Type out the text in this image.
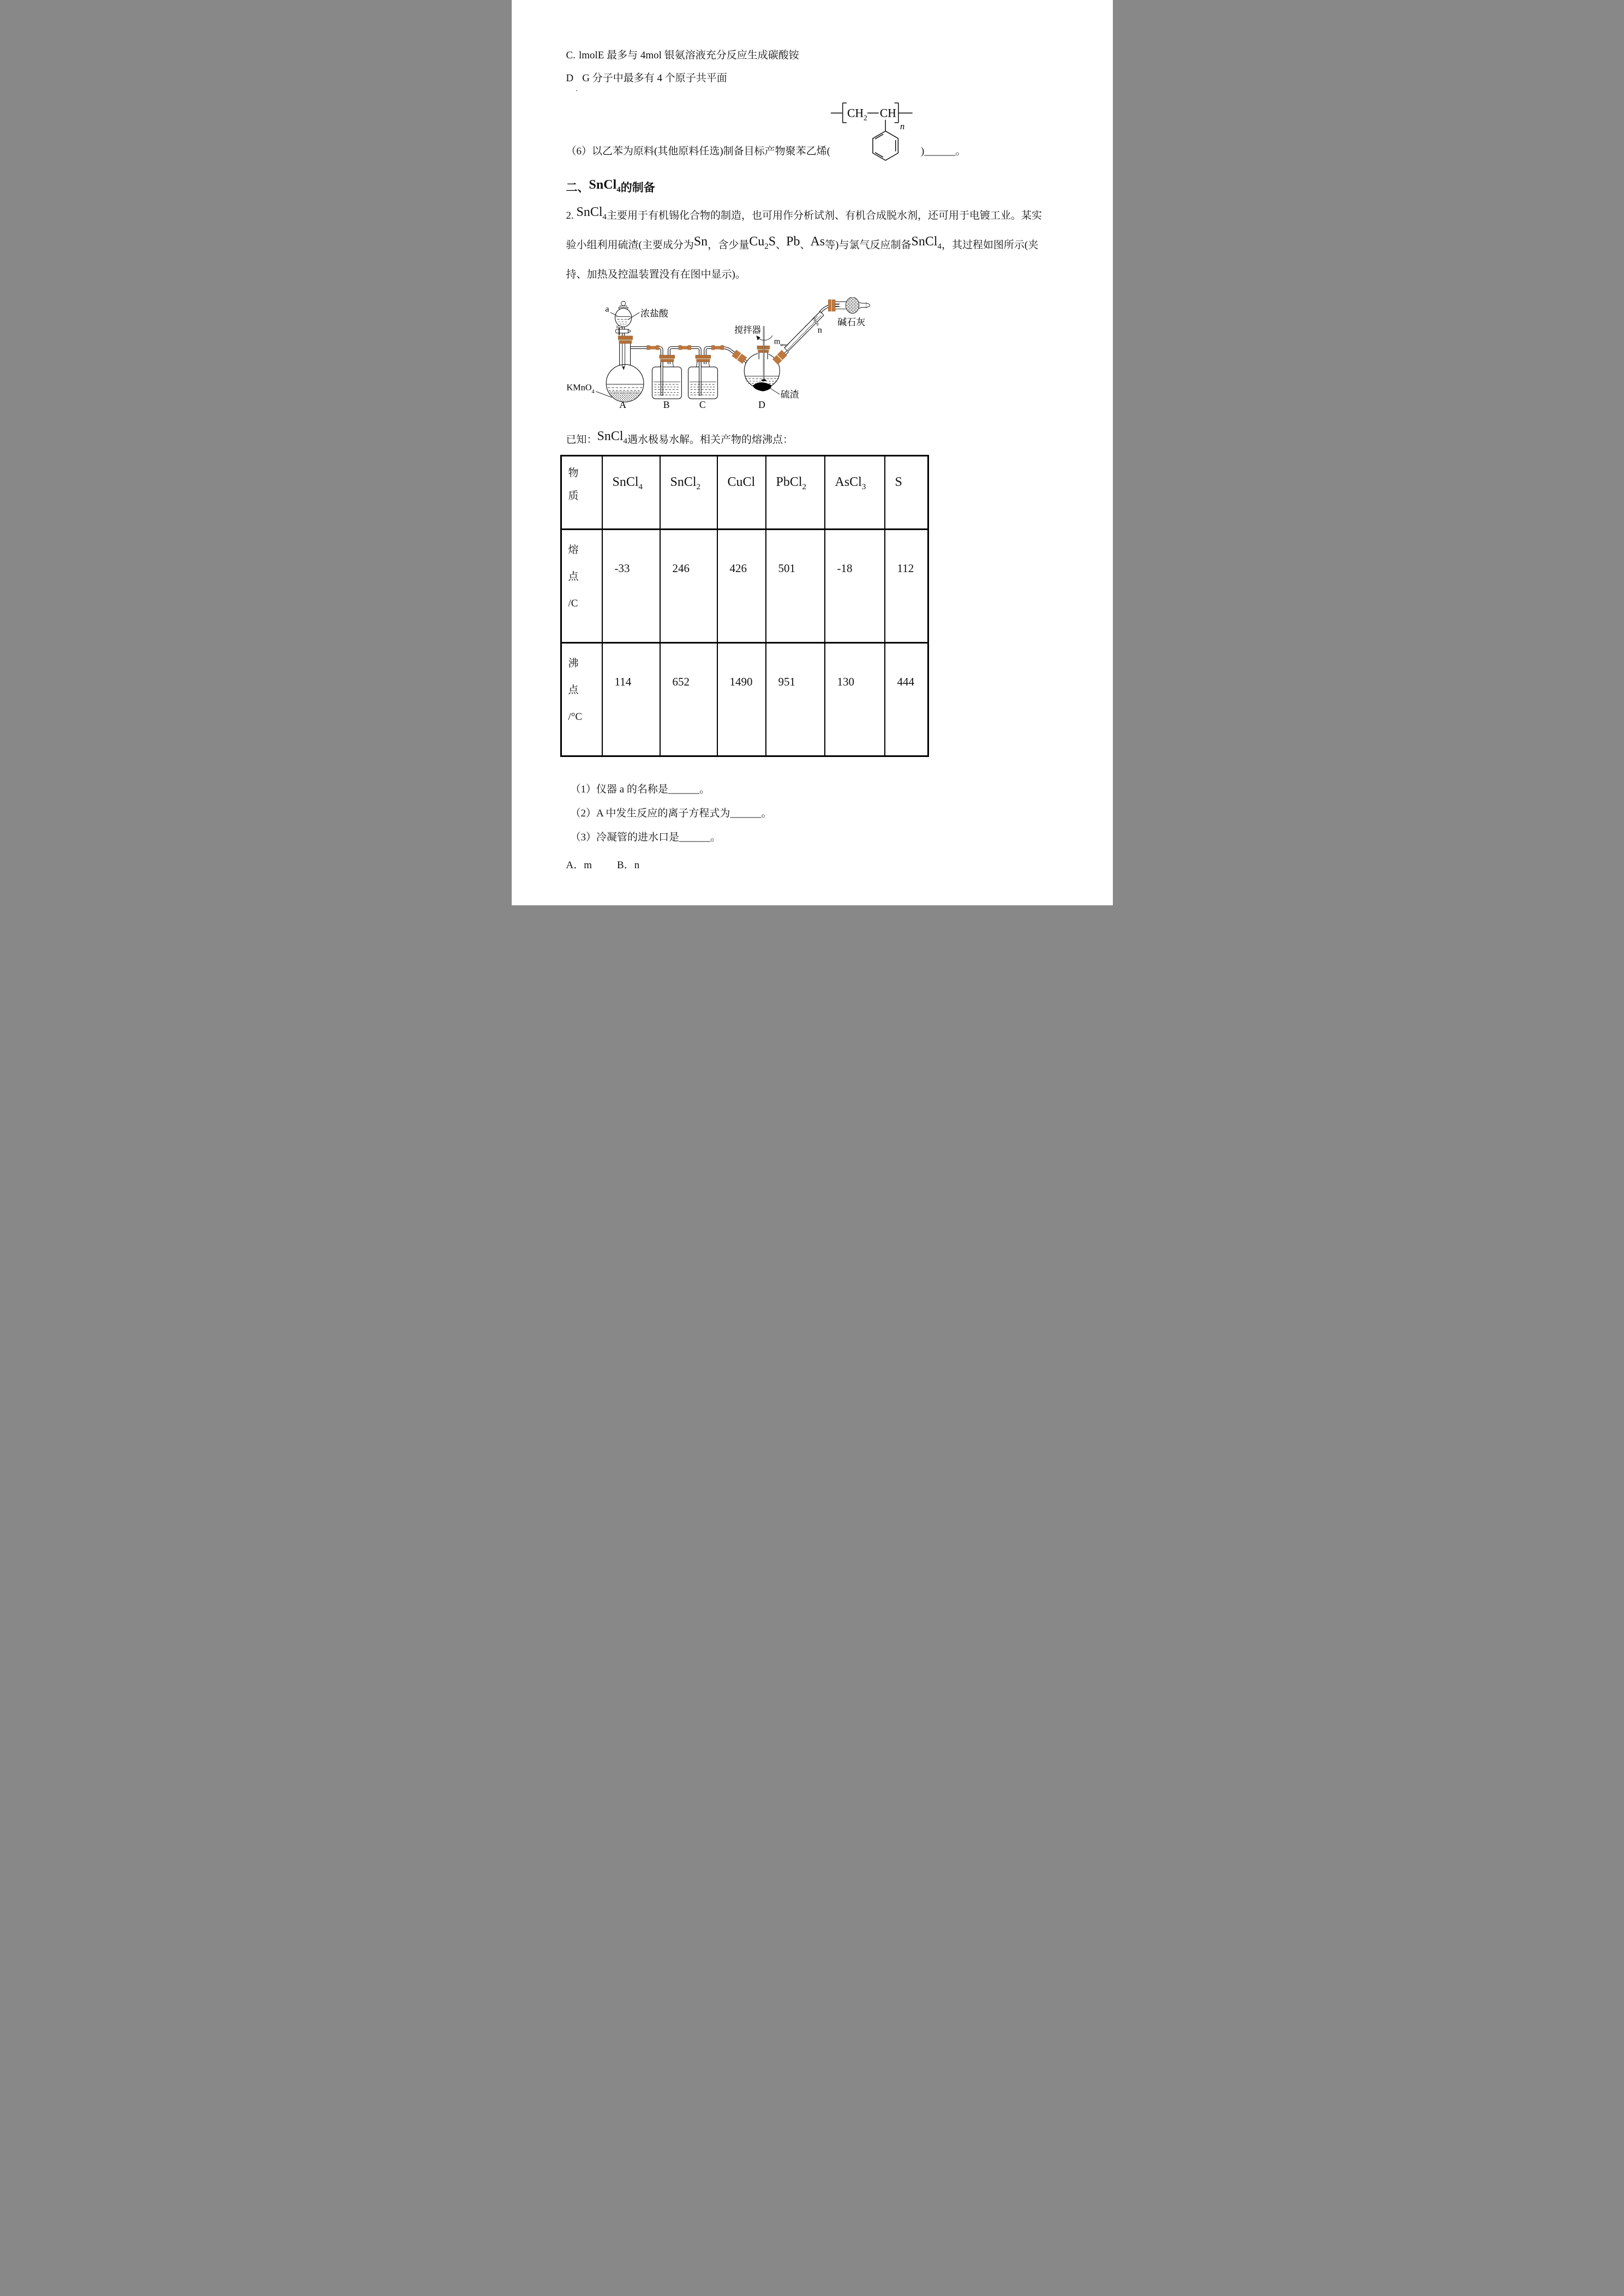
C. lmolE 最多与 4mol 银氨溶液充分反应生成碳酸铵

D G 分子中最多有 4 个原子共平面

.
（6）以乙苯为原料(其他原料任选)制备目标产物聚苯乙烯(
$CH_2$ CH
n
)______。
二、SnCl$_4$的制备

2. SnCl$_4$主要用于有机锡化合物的制造，也可用作分析试剂、有机合成脱水剂，还可用于电镀工业。某实
验小组利用硫渣(主要成分为Sn，含少量$Cu_2S$、Pb、As等)与氯气反应制备SnCl$_4$，其过程如图所示(夹
持、加热及控温装置没有在图中显示)。

a 浓盐酸
KMnO$_4$
m
n
搅拌器
碱石灰
硫渣
A B C D
已知：SnCl$_4$遇水极易水解。相关产物的熔沸点：
物
质	SnCl$_4$	SnCl$_2$	CuCl	PbCl$_2$	AsCl$_3$	S

熔
点
/C	-33	246	426	501	-18	112

沸
点
/°C	114	652	1490	951	130	444
（1）仪器 a 的名称是______。
（2）A 中发生反应的离子方程式为______。
（3）冷凝管的进水口是______。
A．m B．n
